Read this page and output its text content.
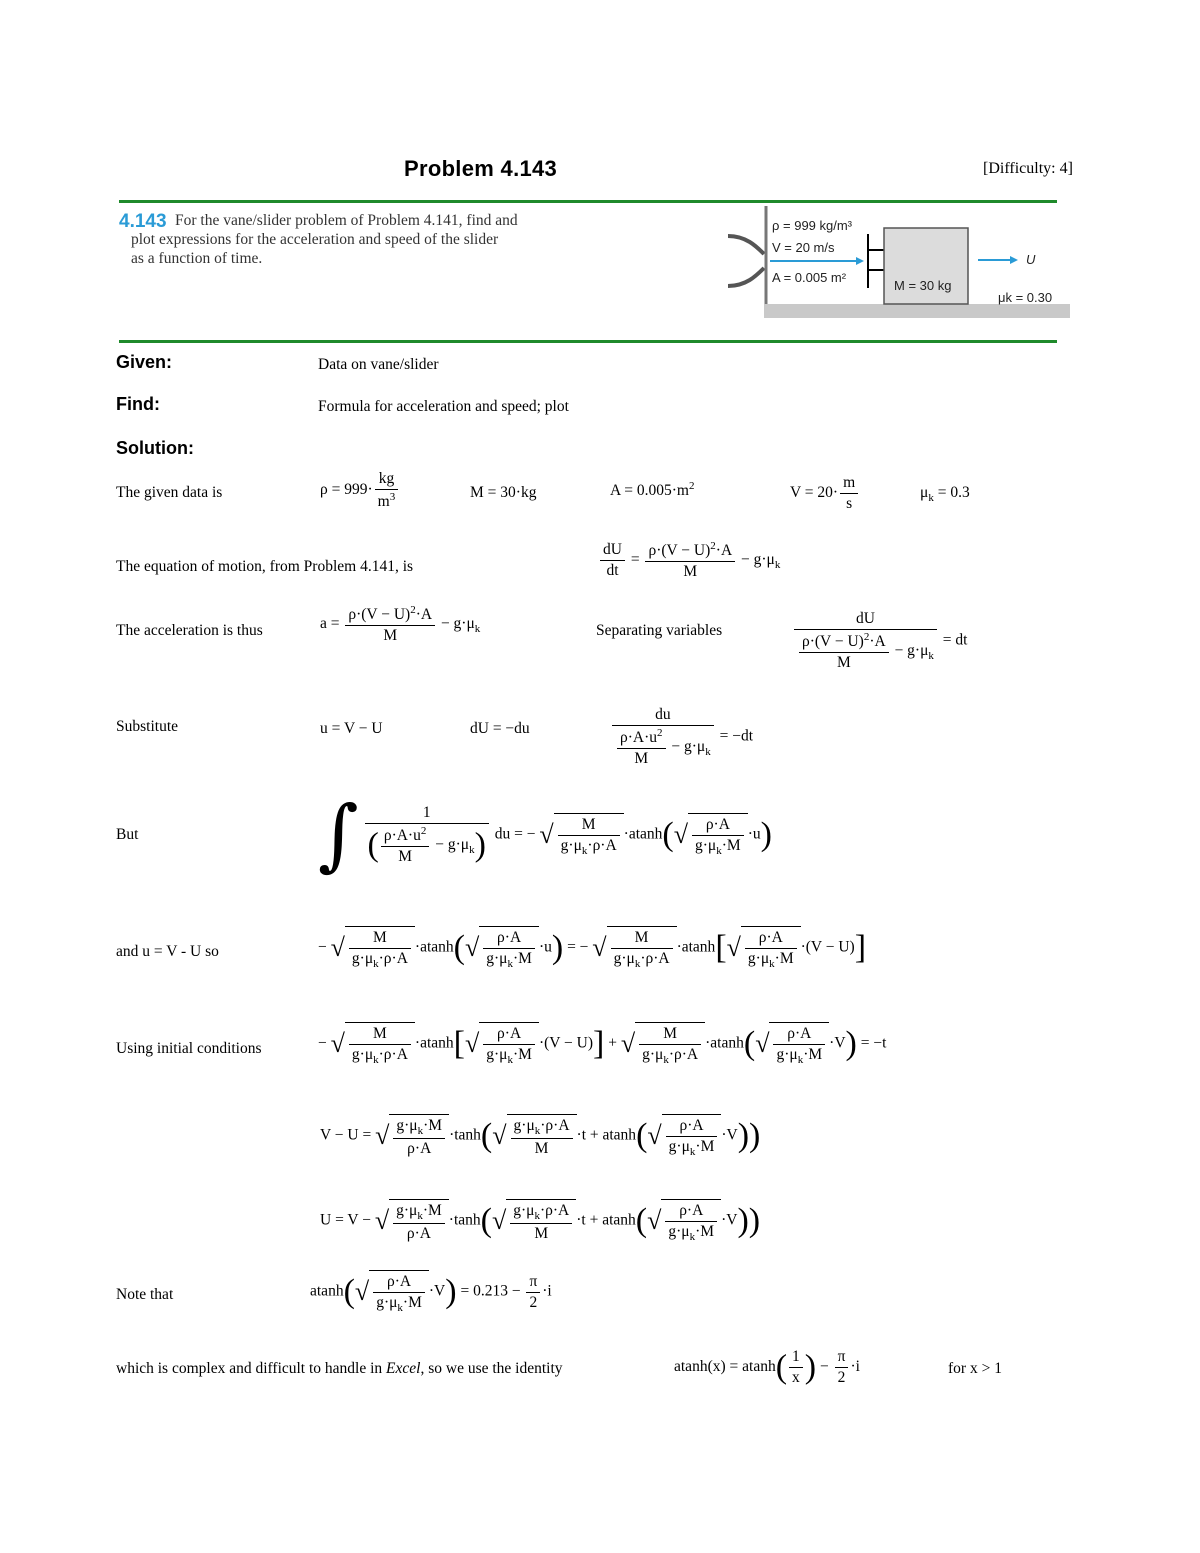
Problem 4.143	[Difficulty: 4]
4.143 For the vane/slider problem of Problem 4.141, find and
plot expressions for the acceleration and speed of the slider
as a function of time.
ρ = 999 kg/m³
V = 20 m/s
A = 0.005 m²
M = 30 kg
U
μk = 0.30
Given:	Data on vane/slider
Find:	Formula for acceleration and speed; plot
Solution:
The given data is	$\rho = 999\cdot \frac{kg}{m^3}$	M = 30·kg	$A = 0.005\cdot m^2$	$V = 20\cdot \frac{m}{s}$	$\mu_k = 0.3$
The equation of motion, from Problem 4.141, is	$\frac{dU}{dt} = \frac{\rho\cdot(V - U)^2\cdot A}{M} - g\cdot\mu_k$
The acceleration is thus	$a = \frac{\rho\cdot(V - U)^2\cdot A}{M} - g\cdot\mu_k$	Separating variables	$\frac{dU}{\frac{\rho\cdot(V - U)^2\cdot A}{M} - g\cdot\mu_k}$ = dt
Substitute	u = V − U	dU = −du	$\frac{du}{\frac{\rho\cdot A\cdot u^2}{M} - g\cdot\mu_k} = -dt$
But ∫ $\frac{1}{( \frac{\rho\cdot A\cdot u^2}{M} - g\cdot\mu_k)}$ du = − √ $\frac{M}{g\cdot\mu_k\cdot\rho\cdot A} \cdot atanh(√ \frac{\rho\cdot A}{g\cdot\mu_k\cdot M} \cdot u)$
and u = V - U so	− √ $\frac{M}{g\cdot\mu_k\cdot\rho\cdot A} \cdot atanh(√ \frac{\rho\cdot A}{g\cdot\mu_k\cdot M} \cdot u)$ = − √ $\frac{M}{g\cdot\mu_k\cdot\rho\cdot A} \cdot atanh[√ \frac{\rho\cdot A}{g\cdot\mu_k\cdot M} \cdot(V - U)]$
Using initial conditions	− √ $\frac{M}{g\cdot\mu_k\cdot\rho\cdot A} \cdot atanh[√ \frac{\rho\cdot A}{g\cdot\mu_k\cdot M} \cdot(V - U)]$ + √ $\frac{M}{g\cdot\mu_k\cdot\rho\cdot A} \cdot atanh(√ \frac{\rho\cdot A}{g\cdot\mu_k\cdot M} \cdot V) = -t$
V − U = √ $\frac{g\cdot\mu_k\cdot M}{\rho\cdot A} \cdot\tanh(√ \frac{g\cdot\mu_k\cdot\rho\cdot A}{M} \cdot t + atanh(√ \frac{\rho\cdot A}{g\cdot\mu_k\cdot M} \cdot V))$
U = V − √ $\frac{g\cdot\mu_k\cdot M}{\rho\cdot A} \cdot\tanh(√ \frac{g\cdot\mu_k\cdot\rho\cdot A}{M} \cdot t + atanh(√ \frac{\rho\cdot A}{g\cdot\mu_k\cdot M} \cdot V))$
Note that	$atanh(√ \frac{\rho\cdot A}{g\cdot\mu_k\cdot M} \cdot V) = 0.213 - \frac{\pi}{2} \cdot i$
which is complex and difficult to handle in Excel, so we use the identity	$atanh(x) = atanh( \frac{1}{x}$ ) − $\frac{\pi}{2} \cdot i$	for x > 1
